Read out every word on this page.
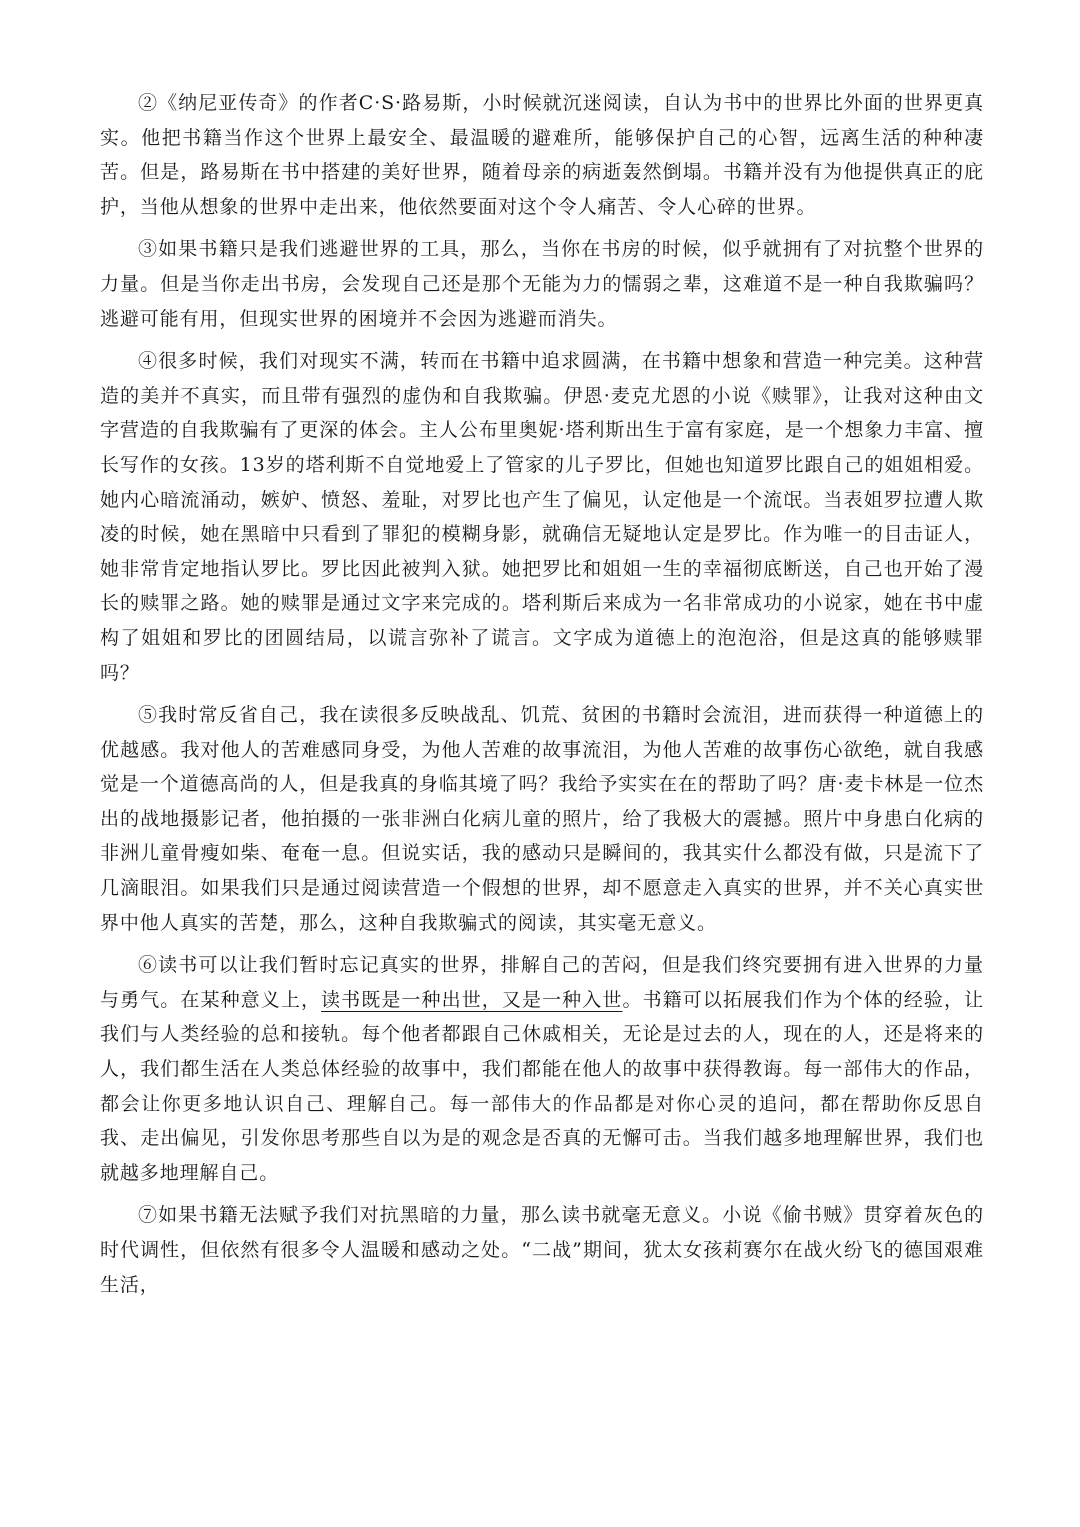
②《纳尼亚传奇》的作者C·S·路易斯，小时候就沉迷阅读，自认为书中的世界比外面的世界更真实。他把书籍当作这个世界上最安全、最温暖的避难所，能够保护自己的心智，远离生活的种种凄苦。但是，路易斯在书中搭建的美好世界，随着母亲的病逝轰然倒塌。书籍并没有为他提供真正的庇护，当他从想象的世界中走出来，他依然要面对这个令人痛苦、令人心碎的世界。

③如果书籍只是我们逃避世界的工具，那么，当你在书房的时候，似乎就拥有了对抗整个世界的力量。但是当你走出书房，会发现自己还是那个无能为力的懦弱之辈，这难道不是一种自我欺骗吗？逃避可能有用，但现实世界的困境并不会因为逃避而消失。

④很多时候，我们对现实不满，转而在书籍中追求圆满，在书籍中想象和营造一种完美。这种营造的美并不真实，而且带有强烈的虚伪和自我欺骗。伊恩·麦克尤恩的小说《赎罪》，让我对这种由文字营造的自我欺骗有了更深的体会。主人公布里奥妮·塔利斯出生于富有家庭，是一个想象力丰富、擅长写作的女孩。13岁的塔利斯不自觉地爱上了管家的儿子罗比，但她也知道罗比跟自己的姐姐相爱。她内心暗流涌动，嫉妒、愤怒、羞耻，对罗比也产生了偏见，认定他是一个流氓。当表姐罗拉遭人欺凌的时候，她在黑暗中只看到了罪犯的模糊身影，就确信无疑地认定是罗比。作为唯一的目击证人，她非常肯定地指认罗比。罗比因此被判入狱。她把罗比和姐姐一生的幸福彻底断送，自己也开始了漫长的赎罪之路。她的赎罪是通过文字来完成的。塔利斯后来成为一名非常成功的小说家，她在书中虚构了姐姐和罗比的团圆结局，以谎言弥补了谎言。文字成为道德上的泡泡浴，但是这真的能够赎罪吗？

⑤我时常反省自己，我在读很多反映战乱、饥荒、贫困的书籍时会流泪，进而获得一种道德上的优越感。我对他人的苦难感同身受，为他人苦难的故事流泪，为他人苦难的故事伤心欲绝，就自我感觉是一个道德高尚的人，但是我真的身临其境了吗？我给予实实在在的帮助了吗？唐·麦卡林是一位杰出的战地摄影记者，他拍摄的一张非洲白化病儿童的照片，给了我极大的震撼。照片中身患白化病的非洲儿童骨瘦如柴、奄奄一息。但说实话，我的感动只是瞬间的，我其实什么都没有做，只是流下了几滴眼泪。如果我们只是通过阅读营造一个假想的世界，却不愿意走入真实的世界，并不关心真实世界中他人真实的苦楚，那么，这种自我欺骗式的阅读，其实毫无意义。

⑥读书可以让我们暂时忘记真实的世界，排解自己的苦闷，但是我们终究要拥有进入世界的力量与勇气。在某种意义上，读书既是一种出世，又是一种入世。书籍可以拓展我们作为个体的经验，让我们与人类经验的总和接轨。每个他者都跟自己休戚相关，无论是过去的人，现在的人，还是将来的人，我们都生活在人类总体经验的故事中，我们都能在他人的故事中获得教诲。每一部伟大的作品，都会让你更多地认识自己、理解自己。每一部伟大的作品都是对你心灵的追问，都在帮助你反思自我、走出偏见，引发你思考那些自以为是的观念是否真的无懈可击。当我们越多地理解世界，我们也就越多地理解自己。

⑦如果书籍无法赋予我们对抗黑暗的力量，那么读书就毫无意义。小说《偷书贼》贯穿着灰色的时代调性，但依然有很多令人温暖和感动之处。“二战”期间，犹太女孩莉赛尔在战火纷飞的德国艰难生活，
